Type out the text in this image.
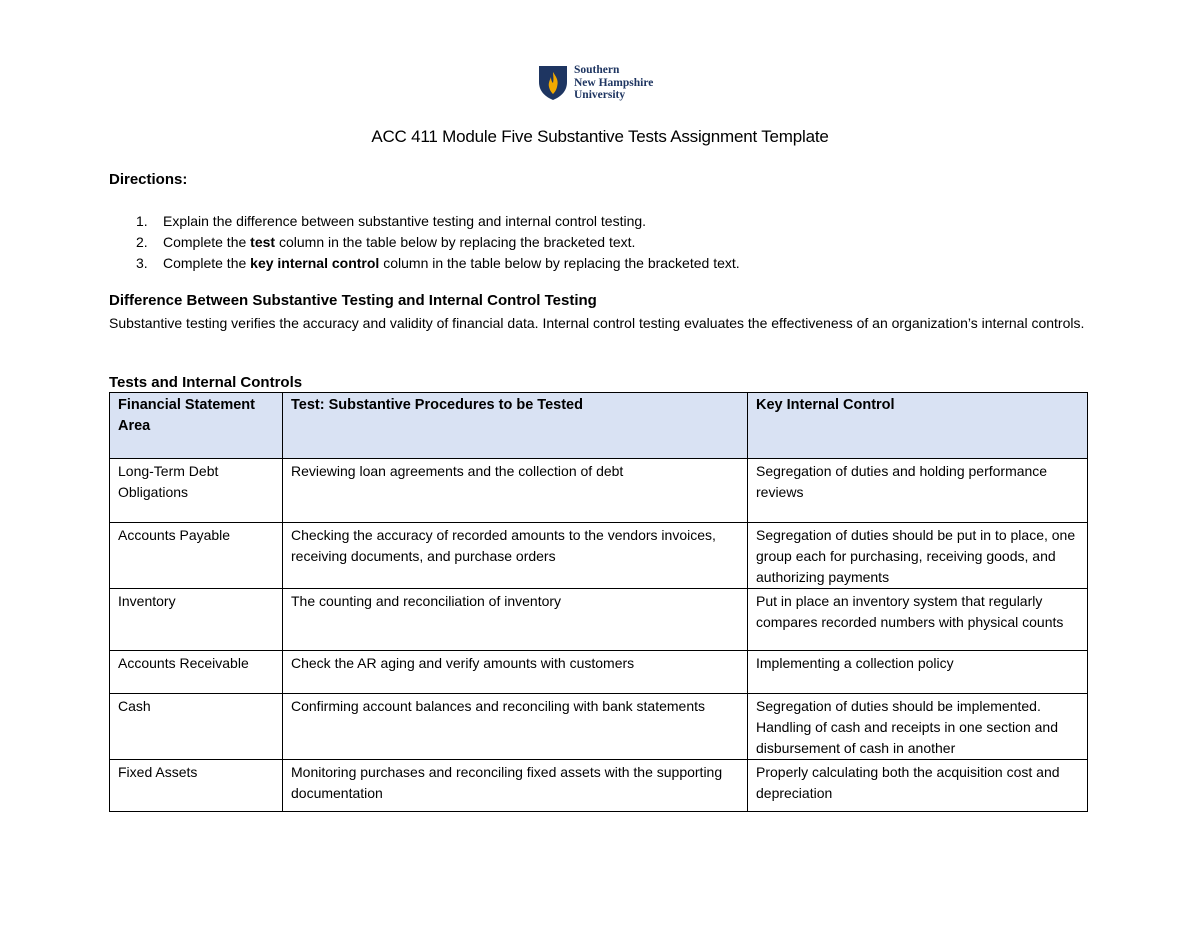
Southern
New Hampshire
University
ACC 411 Module Five Substantive Tests Assignment Template
Directions:
1.	Explain the difference between substantive testing and internal control testing.
2.	Complete the test column in the table below by replacing the bracketed text.
3.	Complete the key internal control column in the table below by replacing the bracketed text.
Difference Between Substantive Testing and Internal Control Testing
Substantive testing verifies the accuracy and validity of financial data. Internal control testing evaluates the effectiveness of an organization’s internal controls.
Tests and Internal Controls
Financial Statement Area	Test: Substantive Procedures to be Tested	Key Internal Control
Long-Term Debt Obligations	Reviewing loan agreements and the collection of debt	Segregation of duties and holding performance reviews
Accounts Payable	Checking the accuracy of recorded amounts to the vendors invoices, receiving documents, and purchase orders	Segregation of duties should be put in to place, one group each for purchasing, receiving goods, and authorizing payments
Inventory	The counting and reconciliation of inventory	Put in place an inventory system that regularly compares recorded numbers with physical counts
Accounts Receivable	Check the AR aging and verify amounts with customers	Implementing a collection policy
Cash	Confirming account balances and reconciling with bank statements	Segregation of duties should be implemented. Handling of cash and receipts in one section and disbursement of cash in another
Fixed Assets	Monitoring purchases and reconciling fixed assets with the supporting documentation	Properly calculating both the acquisition cost and depreciation
